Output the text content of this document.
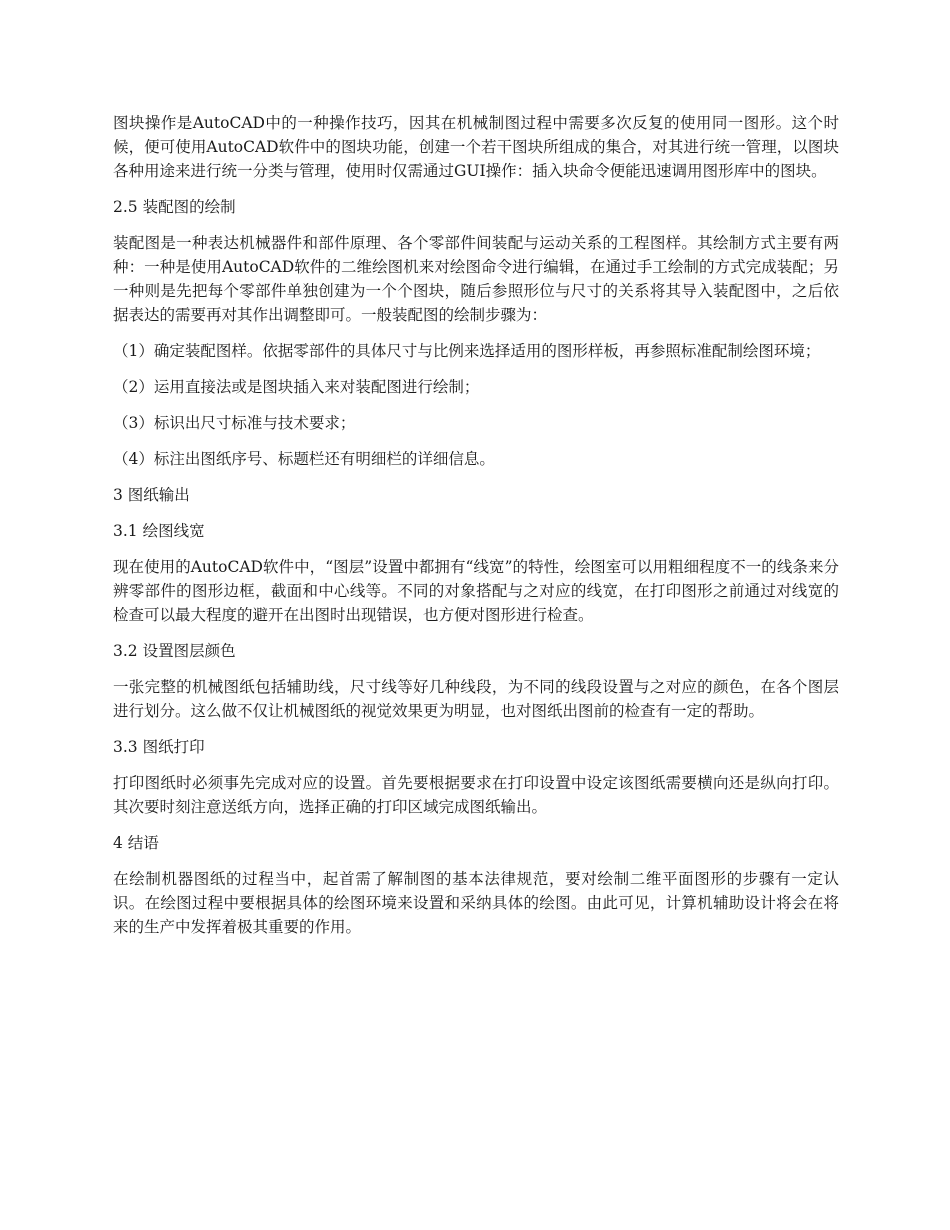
图块操作是AutoCAD中的一种操作技巧，因其在机械制图过程中需要多次反复的使用同一图形。这个时候，便可使用AutoCAD软件中的图块功能，创建一个若干图块所组成的集合，对其进行统一管理，以图块各种用途来进行统一分类与管理，使用时仅需通过GUI操作：插入块命令便能迅速调用图形库中的图块。

2.5 装配图的绘制

装配图是一种表达机械器件和部件原理、各个零部件间装配与运动关系的工程图样。其绘制方式主要有两种：一种是使用AutoCAD软件的二维绘图机来对绘图命令进行编辑，在通过手工绘制的方式完成装配；另一种则是先把每个零部件单独创建为一个个图块，随后参照形位与尺寸的关系将其导入装配图中，之后依据表达的需要再对其作出调整即可。一般装配图的绘制步骤为：

（1）确定装配图样。依据零部件的具体尺寸与比例来选择适用的图形样板，再参照标准配制绘图环境；

（2）运用直接法或是图块插入来对装配图进行绘制；

（3）标识出尺寸标准与技术要求；

（4）标注出图纸序号、标题栏还有明细栏的详细信息。

3 图纸输出

3.1 绘图线宽

现在使用的AutoCAD软件中，“图层”设置中都拥有“线宽”的特性，绘图室可以用粗细程度不一的线条来分辨零部件的图形边框，截面和中心线等。不同的对象搭配与之对应的线宽，在打印图形之前通过对线宽的检查可以最大程度的避开在出图时出现错误，也方便对图形进行检查。

3.2 设置图层颜色

一张完整的机械图纸包括辅助线，尺寸线等好几种线段，为不同的线段设置与之对应的颜色，在各个图层进行划分。这么做不仅让机械图纸的视觉效果更为明显，也对图纸出图前的检查有一定的帮助。

3.3 图纸打印

打印图纸时必须事先完成对应的设置。首先要根据要求在打印设置中设定该图纸需要横向还是纵向打印。其次要时刻注意送纸方向，选择正确的打印区域完成图纸输出。

4 结语

在绘制机器图纸的过程当中，起首需了解制图的基本法律规范，要对绘制二维平面图形的步骤有一定认识。在绘图过程中要根据具体的绘图环境来设置和采纳具体的绘图。由此可见，计算机辅助设计将会在将来的生产中发挥着极其重要的作用。
